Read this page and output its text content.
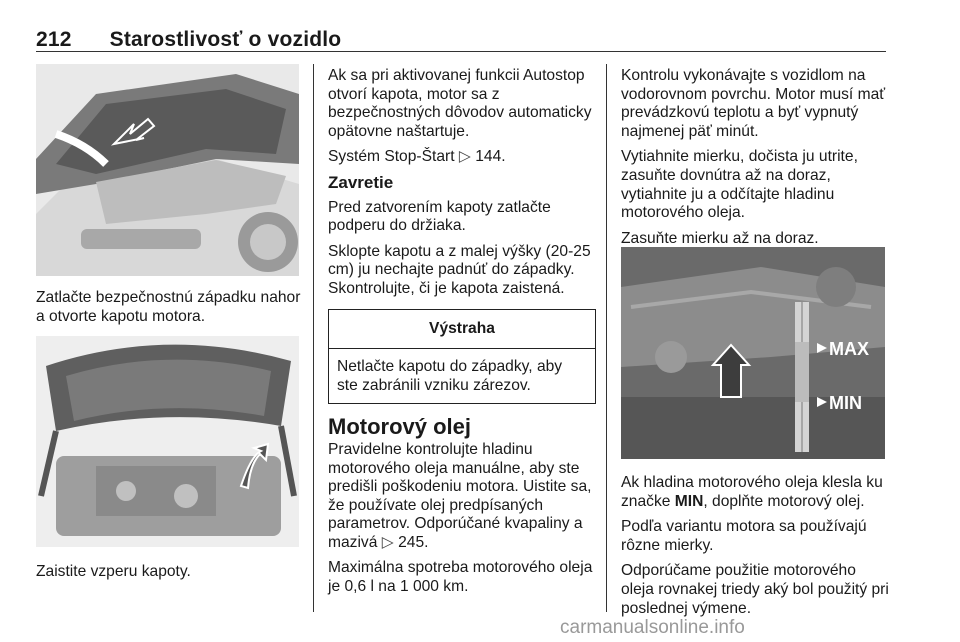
212 Starostlivosť o vozidlo
Zatlačte bezpečnostnú západku nahor a otvorte kapotu motora.
Zaistite vzperu kapoty.

Ak sa pri aktivovanej funkcii Autostop otvorí kapota, motor sa z bezpečnostných dôvodov automaticky opätovne naštartuje.

Systém Stop-Štart ▷ 144.

Zavretie

Pred zatvorením kapoty zatlačte podperu do držiaka.

Sklopte kapotu a z malej výšky (20-25 cm) ju nechajte padnúť do západky. Skontrolujte, či je kapota zaistená.

Výstraha
Netlačte kapotu do západky, aby ste zabránili vzniku zárezov.
Motorový olej

Pravidelne kontrolujte hladinu motorového oleja manuálne, aby ste predišli poškodeniu motora. Uistite sa, že používate olej predpísaných parametrov. Odporúčané kvapaliny a mazivá ▷ 245.

Maximálna spotreba motorového oleja je 0,6 l na 1 000 km.

Kontrolu vykonávajte s vozidlom na vodorovnom povrchu. Motor musí mať prevádzkovú teplotu a byť vypnutý najmenej päť minút.

Vytiahnite mierku, dočista ju utrite, zasuňte dovnútra až na doraz, vytiahnite ju a odčítajte hladinu motorového oleja.

Zasuňte mierku až na doraz.

MAX
MIN

Ak hladina motorového oleja klesla ku značke MIN, doplňte motorový olej.

Podľa variantu motora sa používajú rôzne mierky.

Odporúčame použitie motorového oleja rovnakej triedy aký bol použitý pri poslednej výmene.

carmanualsonline.info
